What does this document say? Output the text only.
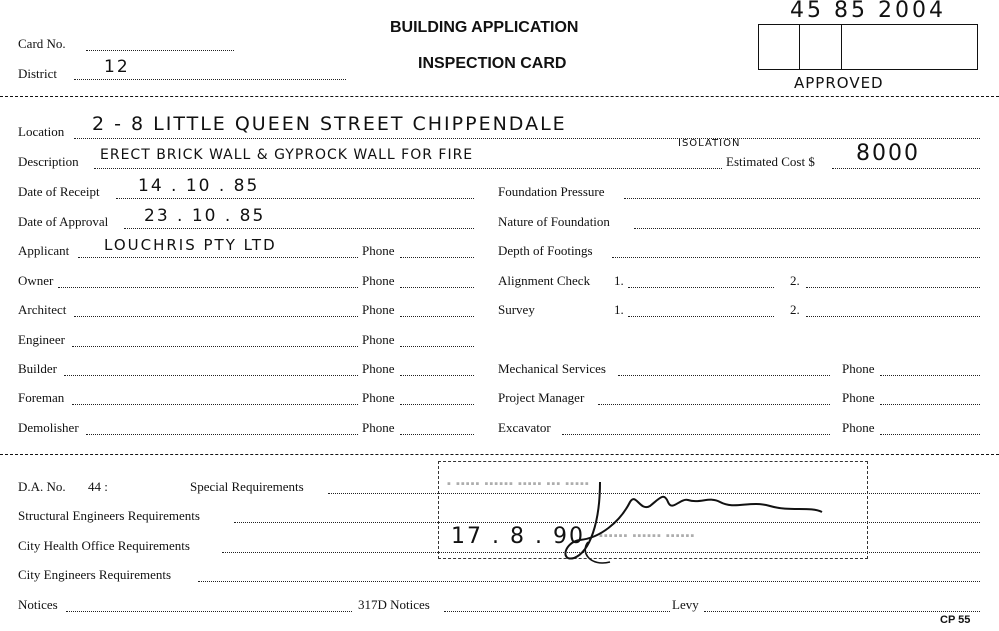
Card No.
District	12
BUILDING APPLICATION
INSPECTION CARD
45 85 2004
APPROVED
Location 2 - 8 LITTLE QUEEN STREET CHIPPENDALE
Description ERECT BRICK WALL & GYPROCK WALL FOR FIRE
ISOLATION
Estimated Cost $ 8000
Date of Receipt 14 . 10 . 85
Date of Approval 23 . 10 . 85
Applicant LOUCHRIS PTY LTD	Phone
Owner	Phone
Architect	Phone
Engineer	Phone
Builder	Phone
Foreman	Phone
Demolisher	Phone
Foundation Pressure
Nature of Foundation
Depth of Footings
Alignment Check 1.	2.
Survey	1.	2.
Mechanical Services	Phone
Project Manager	Phone
Excavator	Phone
D.A. No. 44 :	Special Requirements
Structural Engineers Requirements
City Health Office Requirements
City Engineers Requirements
Notices	317D Notices	Levy
CP 55
▪ ▪▪▪▪▪ ▪▪▪▪▪▪ ▪▪▪▪▪ ▪▪▪ ▪▪▪▪▪
17 . 8 . 90 ▪▪▪▪▪▪ ▪▪▪▪▪▪ ▪▪▪▪▪▪
